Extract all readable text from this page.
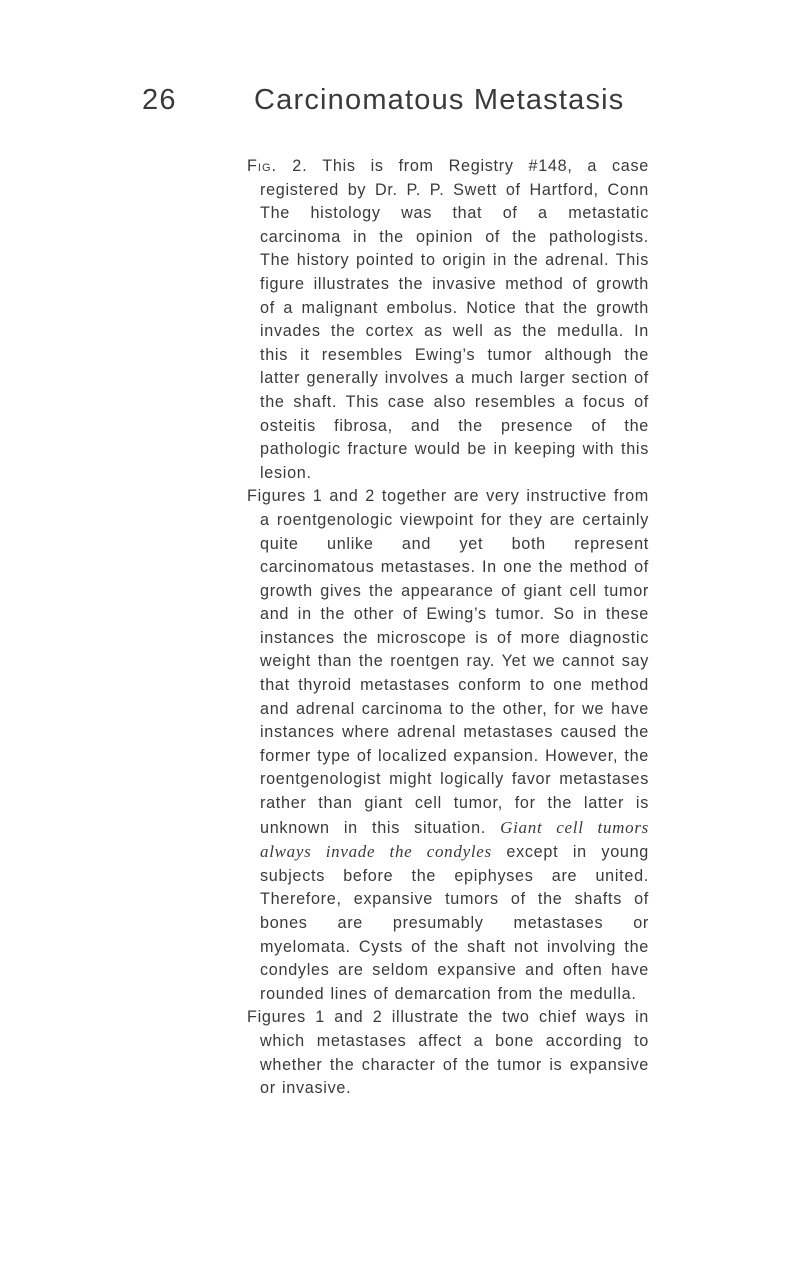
26	Carcinomatous Metastasis

Fig. 2. This is from Registry #148, a case registered by Dr. P. P. Swett of Hartford, Conn The histology was that of a metastatic carcinoma in the opinion of the pathologists. The history pointed to origin in the adrenal. This figure illustrates the invasive method of growth of a malignant embolus. Notice that the growth invades the cortex as well as the medulla. In this it resembles Ewing’s tumor although the latter generally involves a much larger section of the shaft. This case also resembles a focus of osteitis fibrosa, and the presence of the pathologic fracture would be in keeping with this lesion.

Figures 1 and 2 together are very instructive from a roentgenologic viewpoint for they are certainly quite unlike and yet both represent carcinomatous metastases. In one the method of growth gives the appearance of giant cell tumor and in the other of Ewing’s tumor. So in these instances the microscope is of more diagnostic weight than the roentgen ray. Yet we cannot say that thyroid metastases conform to one method and adrenal carcinoma to the other, for we have instances where adrenal metastases caused the former type of localized expansion. However, the roentgenologist might logically favor metastases rather than giant cell tumor, for the latter is unknown in this situation. Giant cell tumors always invade the condyles except in young subjects before the epiphyses are united. Therefore, expansive tumors of the shafts of bones are presumably metastases or myelomata. Cysts of the shaft not involving the condyles are seldom expansive and often have rounded lines of demarcation from the medulla.

Figures 1 and 2 illustrate the two chief ways in which metastases affect a bone according to whether the character of the tumor is expansive or invasive.
